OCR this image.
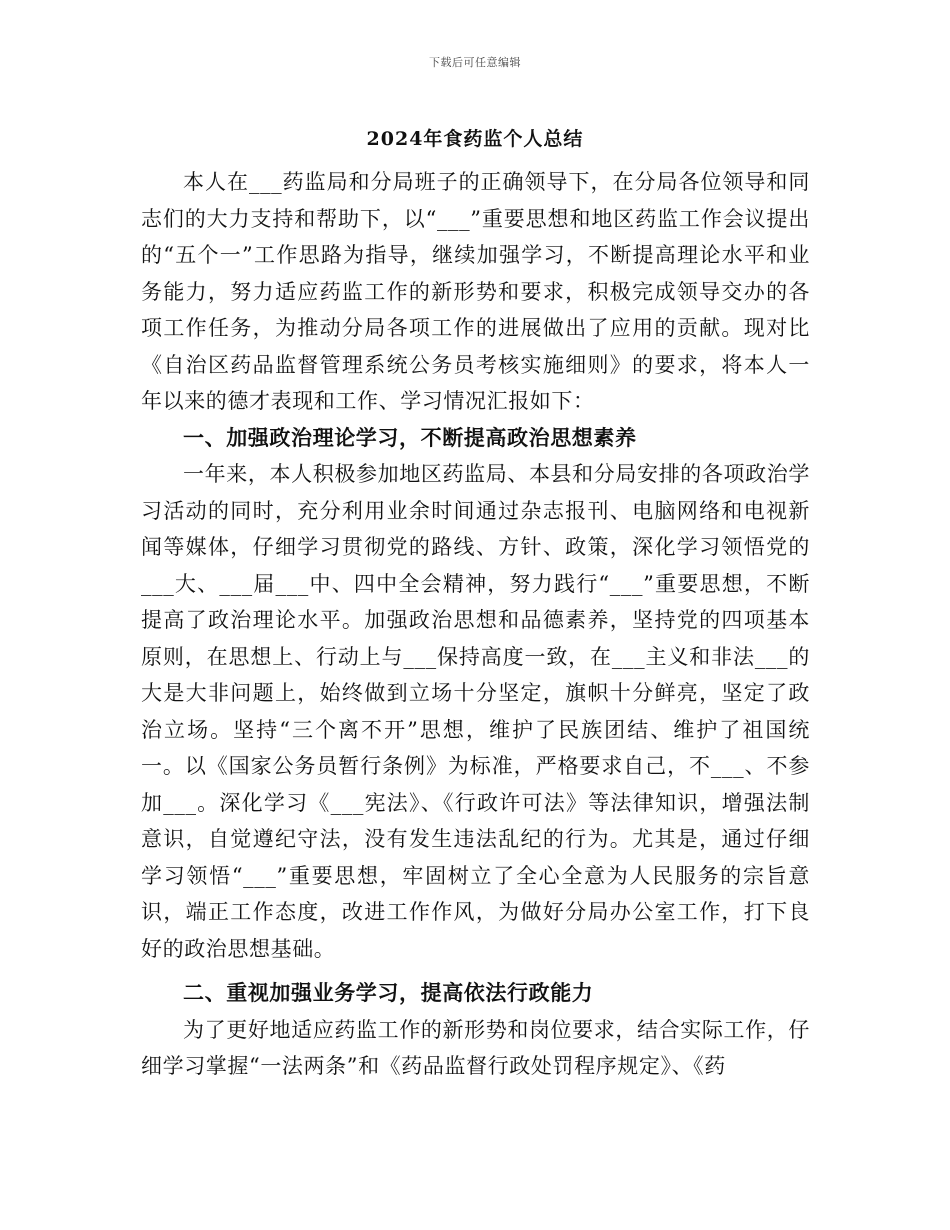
下载后可任意编辑
2024年食药监个人总结

本人在___药监局和分局班子的正确领导下，在分局各位领导和同志们的大力支持和帮助下，以“___”重要思想和地区药监工作会议提出的“五个一”工作思路为指导，继续加强学习，不断提高理论水平和业务能力，努力适应药监工作的新形势和要求，积极完成领导交办的各项工作任务，为推动分局各项工作的进展做出了应用的贡献。现对比《自治区药品监督管理系统公务员考核实施细则》的要求，将本人一年以来的德才表现和工作、学习情况汇报如下：

一、加强政治理论学习，不断提高政治思想素养

一年来，本人积极参加地区药监局、本县和分局安排的各项政治学习活动的同时，充分利用业余时间通过杂志报刊、电脑网络和电视新闻等媒体，仔细学习贯彻党的路线、方针、政策，深化学习领悟党的___大、___届___中、四中全会精神，努力践行“___”重要思想，不断提高了政治理论水平。加强政治思想和品德素养，坚持党的四项基本原则，在思想上、行动上与___保持高度一致，在___主义和非法___的大是大非问题上，始终做到立场十分坚定，旗帜十分鲜亮，坚定了政治立场。坚持“三个离不开”思想，维护了民族团结、维护了祖国统一。以《国家公务员暂行条例》为标准，严格要求自己，不___、不参加___。深化学习《___宪法》、《行政许可法》等法律知识，增强法制意识，自觉遵纪守法，没有发生违法乱纪的行为。尤其是，通过仔细学习领悟“___”重要思想，牢固树立了全心全意为人民服务的宗旨意识，端正工作态度，改进工作作风，为做好分局办公室工作，打下良好的政治思想基础。

二、重视加强业务学习，提高依法行政能力

为了更好地适应药监工作的新形势和岗位要求，结合实际工作，仔细学习掌握“一法两条”和《药品监督行政处罚程序规定》、《药
